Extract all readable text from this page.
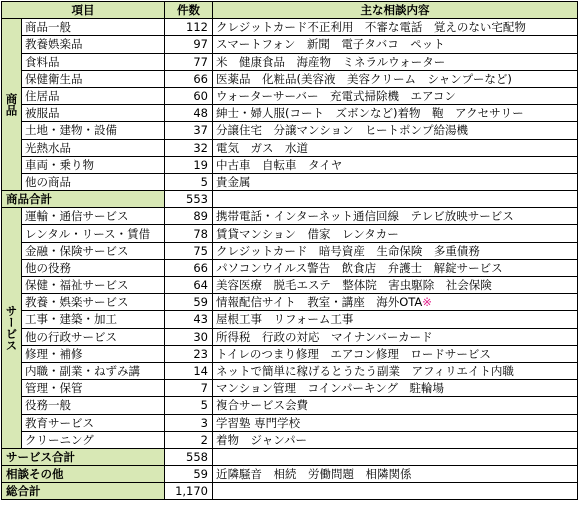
項目		件数	主な相談内容
商品	商品一般	112	クレジットカード不正利用　不審な電話　覚えのない宅配物
	教養娯楽品	97	スマートフォン　新聞　電子タバコ　ペット
	食料品	77	米　健康食品　海産物　ミネラルウォーター
	保健衛生品	66	医薬品　化粧品(美容液　美容クリーム　シャンプーなど)
	住居品	60	ウォーターサーバー　充電式掃除機　エアコン
	被服品	48	紳士・婦人服(コート　ズボンなど)着物　鞄　アクセサリー
	土地・建物・設備	37	分譲住宅　分譲マンション　ヒートポンプ給湯機
	光熱水品	32	電気　ガス　水道
	車両・乗り物	19	中古車　自転車　タイヤ
	他の商品	5	貴金属
商品合計		553	
サービス	運輸・通信サービス	89	携帯電話・インターネット通信回線　テレビ放映サービス
	レンタル・リース・賃借	78	賃貸マンション　借家　レンタカー
	金融・保険サービス	75	クレジットカード　暗号資産　生命保険　多重債務
	他の役務	66	パソコンウイルス警告　飲食店　弁護士　解錠サービス
	保健・福祉サービス	64	美容医療　脱毛エステ　整体院　害虫駆除　社会保険
	教養・娯楽サービス	59	情報配信サイト　教室・講座　海外OTA※
	工事・建築・加工	43	屋根工事　リフォーム工事
	他の行政サービス	30	所得税　行政の対応　マイナンバーカード
	修理・補修	23	トイレのつまり修理　エアコン修理　ロードサービス
	内職・副業・ねずみ講	14	ネットで簡単に稼げるとうたう副業　アフィリエイト内職
	管理・保管	7	マンション管理　コインパーキング　駐輪場
	役務一般	5	複合サービス会費
	教育サービス	3	学習塾 専門学校
	クリーニング	2	着物　ジャンパー
サービス合計		558	
相談その他		59	近隣騒音　相続　労働問題　相隣関係
総合計		1,170	
